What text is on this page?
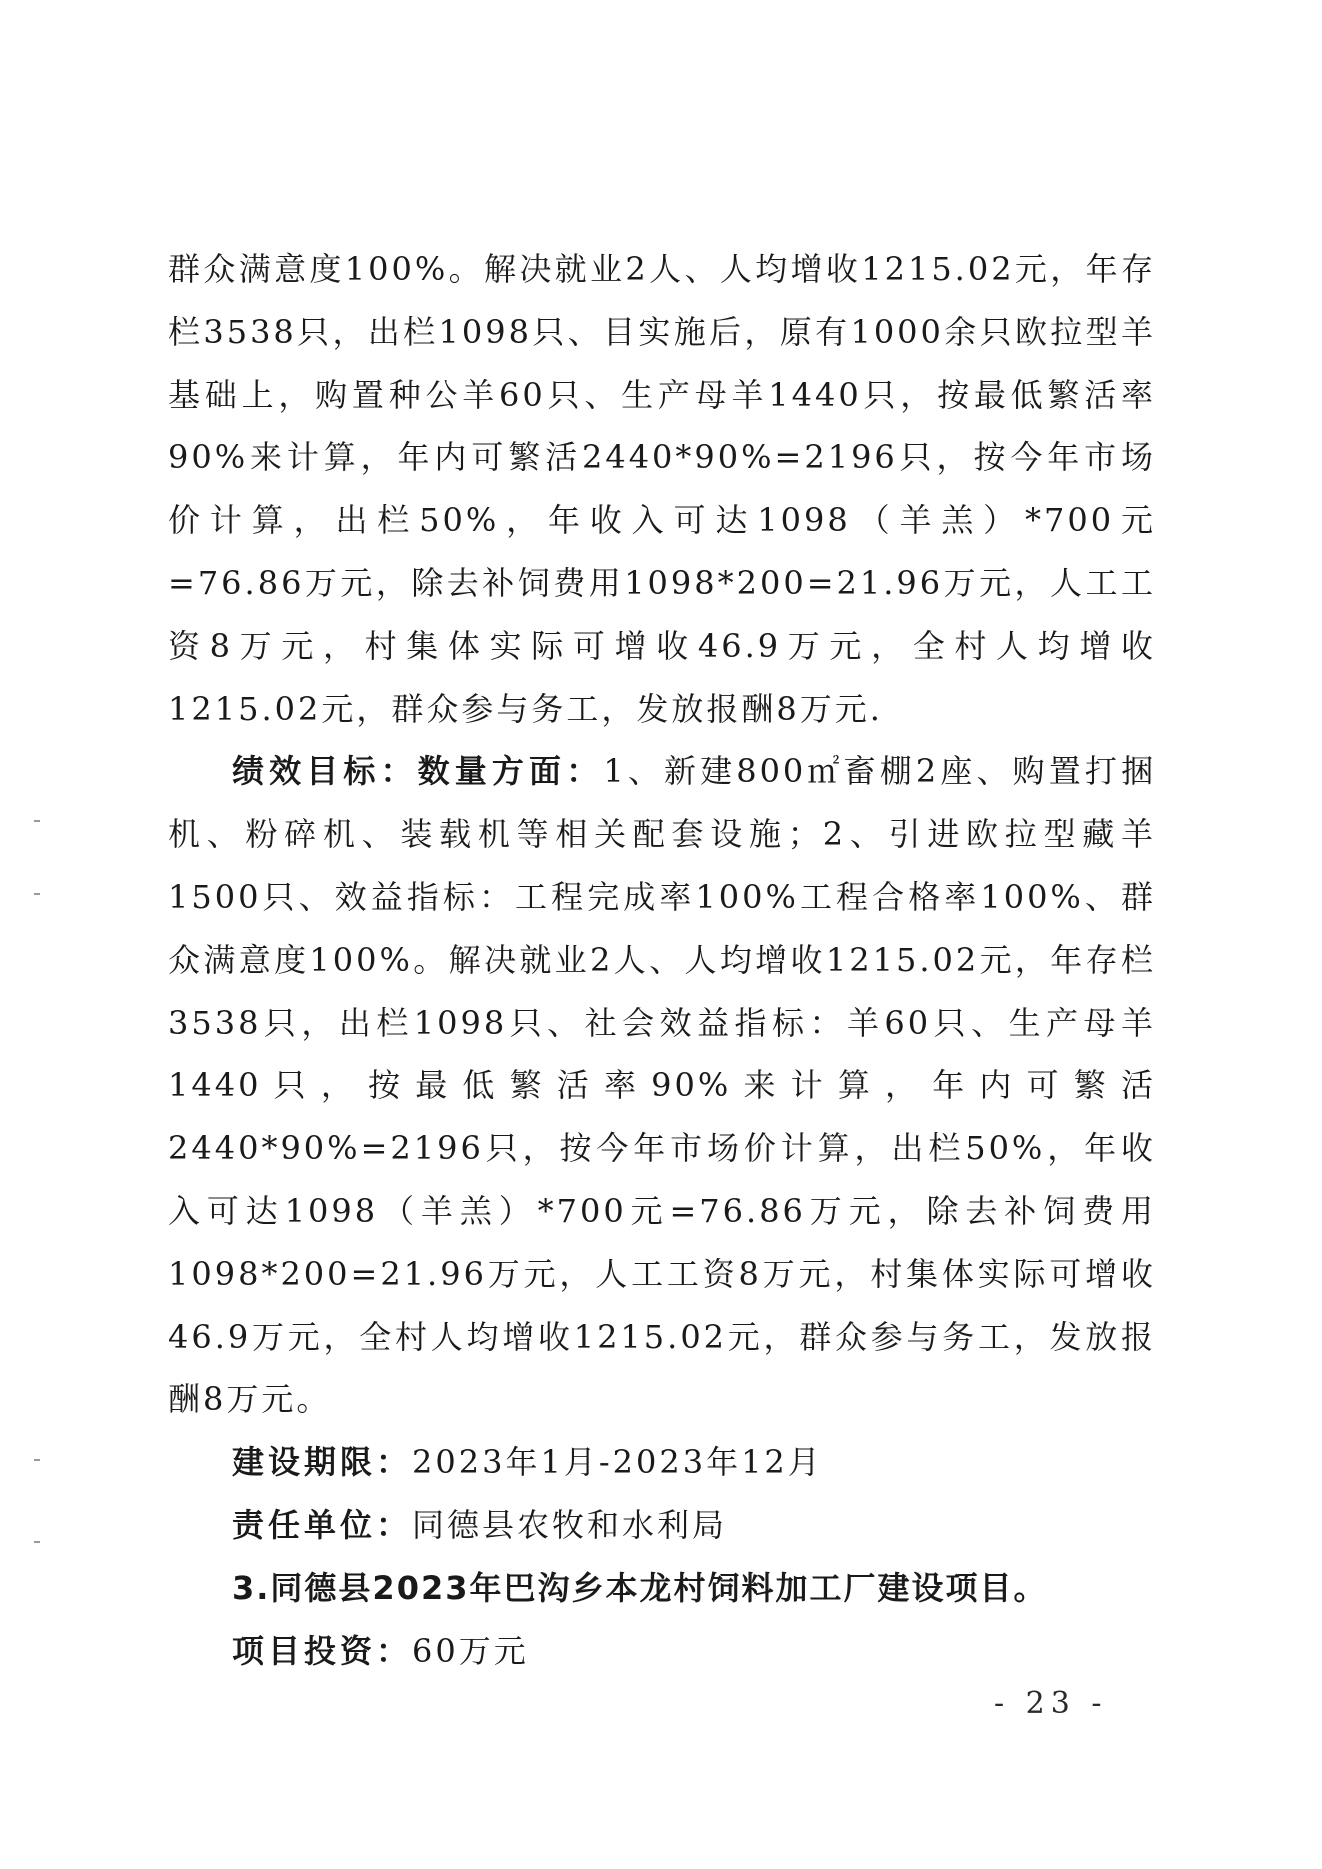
群众满意度100%。解决就业2人、人均增收1215.02元，年存栏3538只，出栏1098只、目实施后，原有1000余只欧拉型羊基础上，购置种公羊60只、生产母羊1440只，按最低繁活率90%来计算，年内可繁活2440*90%=2196只，按今年市场价计算，出栏50%，年收入可达1098（羊羔）*700元=76.86万元，除去补饲费用1098*200=21.96万元，人工工资8万元，村集体实际可增收46.9万元，全村人均增收1215.02元，群众参与务工，发放报酬8万元.

绩效目标：数量方面：1、新建800㎡畜棚2座、购置打捆机、粉碎机、装载机等相关配套设施；2、引进欧拉型藏羊1500只、效益指标：工程完成率100%工程合格率100%、群众满意度100%。解决就业2人、人均增收1215.02元，年存栏3538只，出栏1098只、社会效益指标：羊60只、生产母羊1440只，按最低繁活率90%来计算，年内可繁活2440*90%=2196只，按今年市场价计算，出栏50%，年收入可达1098（羊羔）*700元=76.86万元，除去补饲费用1098*200=21.96万元，人工工资8万元，村集体实际可增收46.9万元，全村人均增收1215.02元，群众参与务工，发放报酬8万元。

建设期限：2023年1月-2023年12月

责任单位：同德县农牧和水利局

3.同德县2023年巴沟乡本龙村饲料加工厂建设项目。

项目投资：60万元

- 23 -
